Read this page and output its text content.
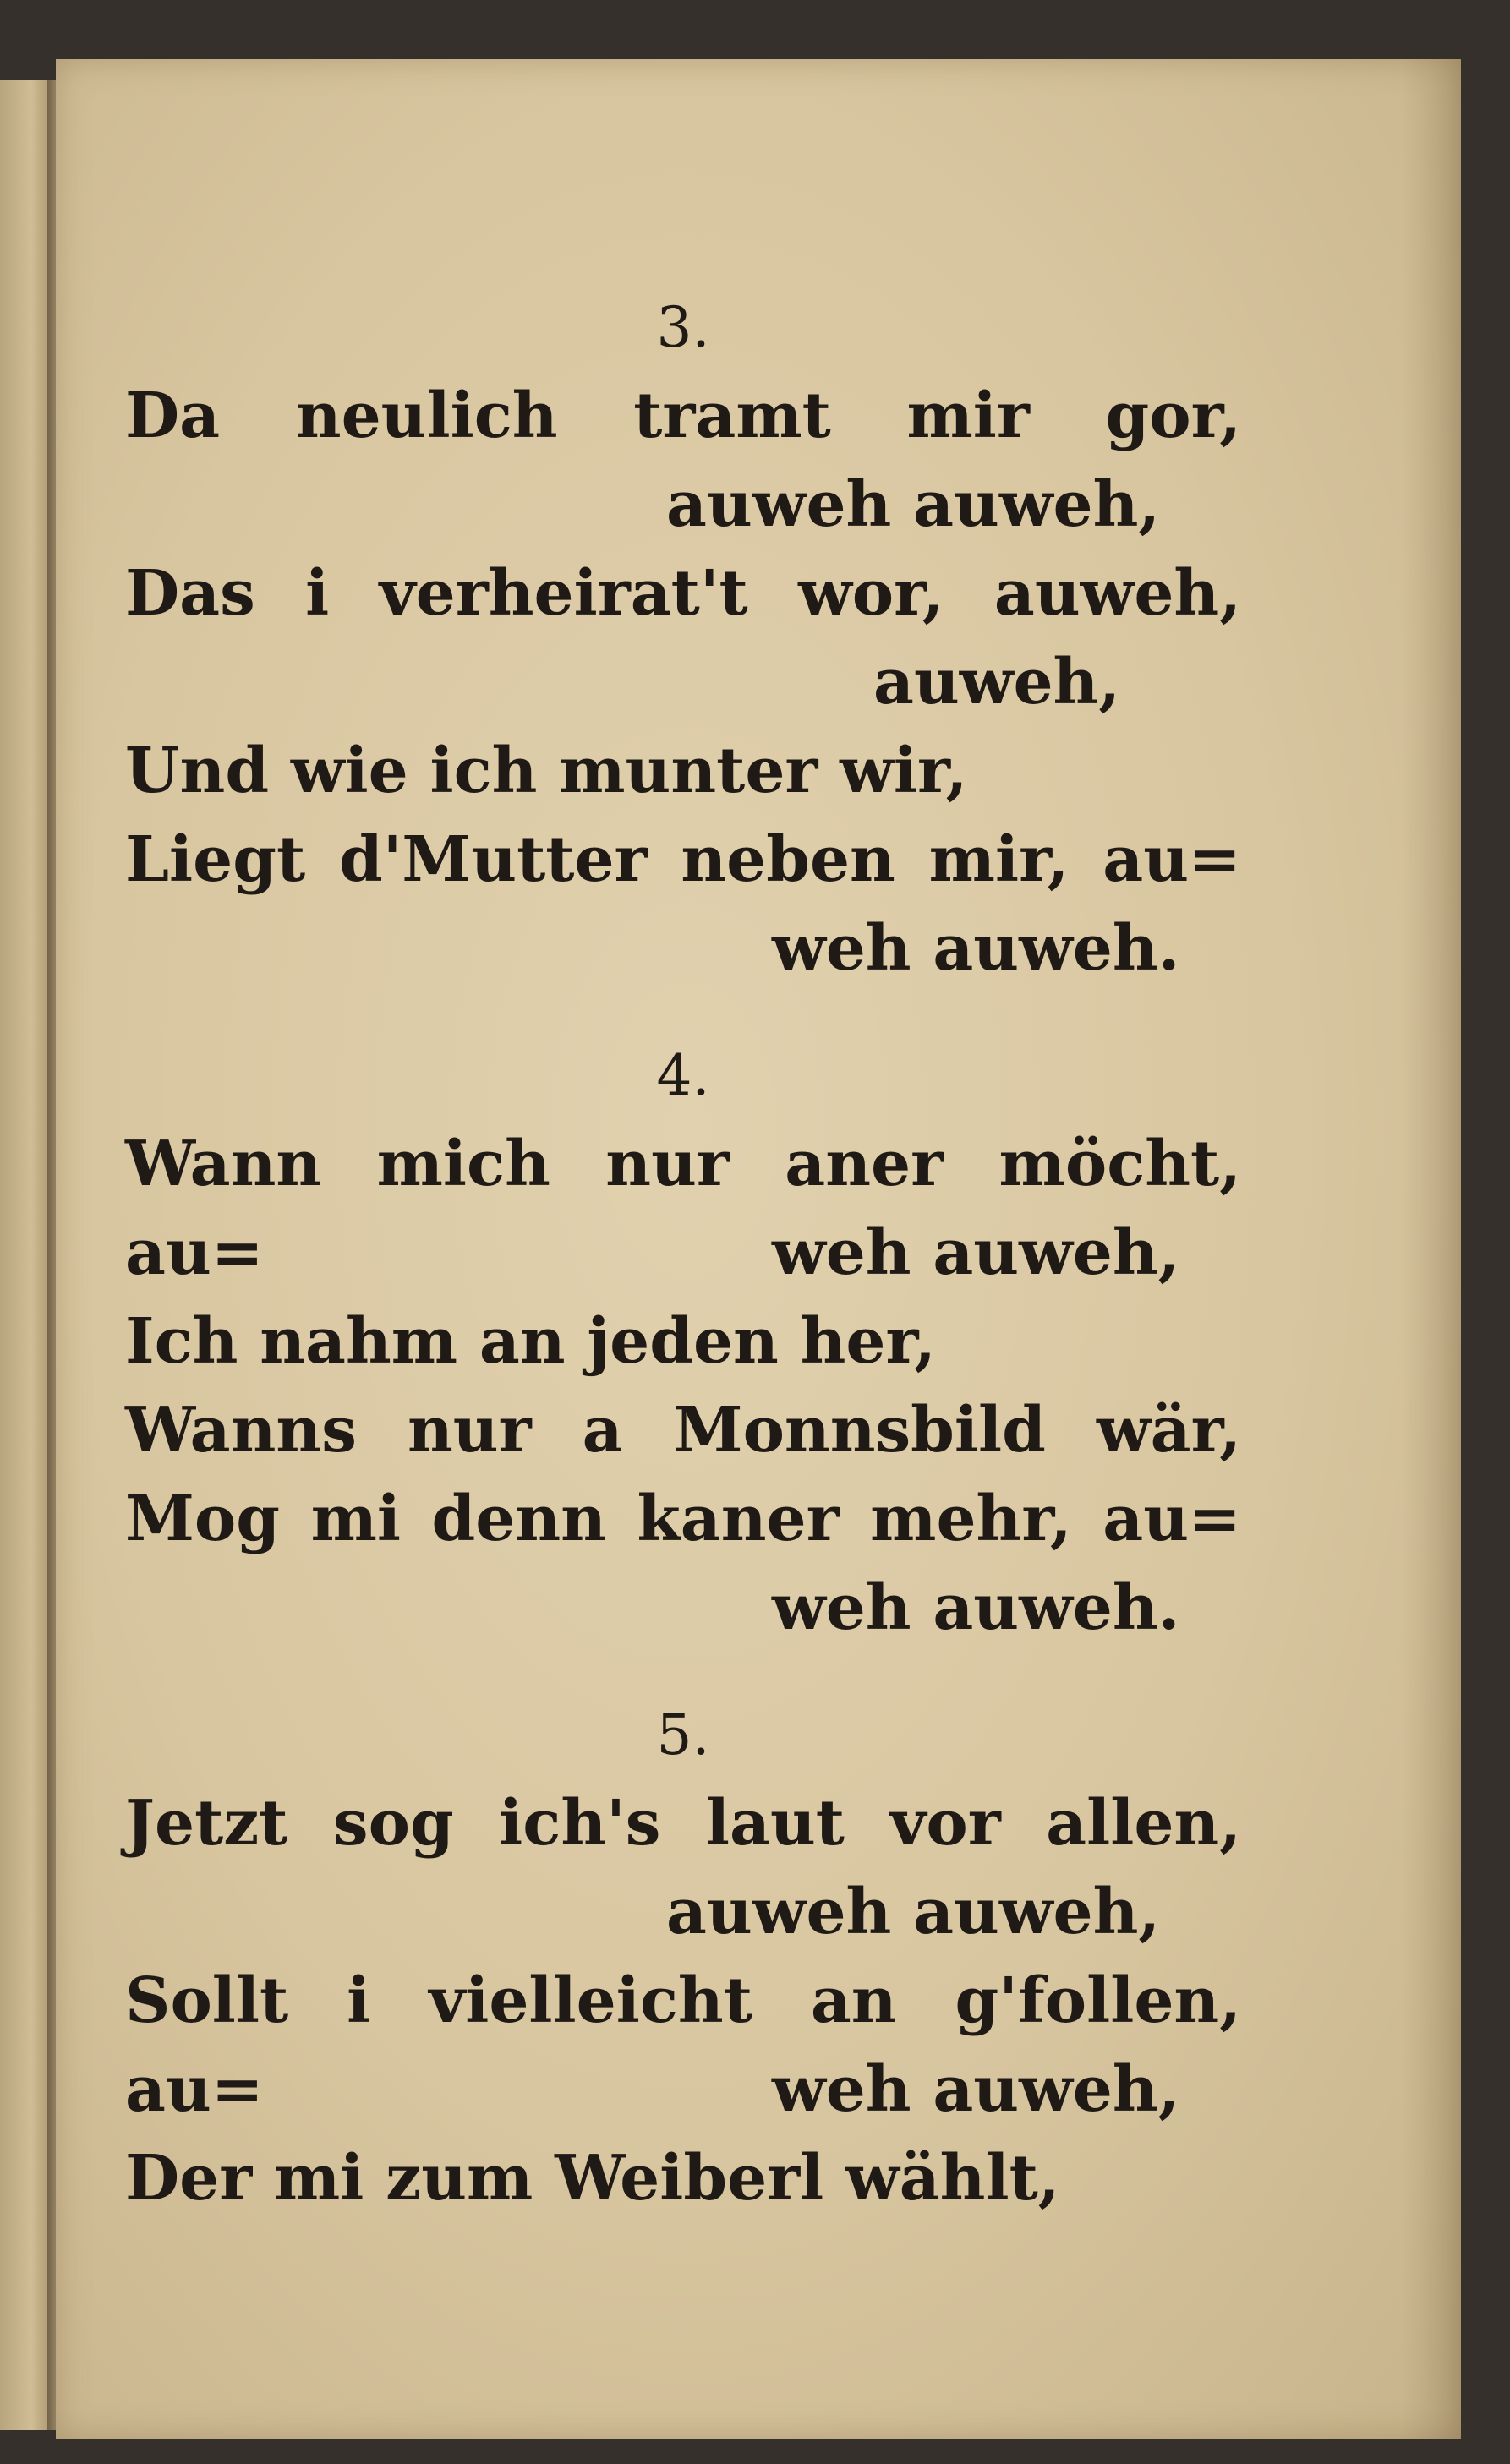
3.
Da neulich tramt mir gor,
auweh auweh,
Das i verheirat't wor, auweh,
auweh,
Und wie ich munter wir,
Liegt d'Mutter neben mir, au=
weh auweh.
4.
Wann mich nur aner möcht, au=	weh auweh,
Ich nahm an jeden her,
Wanns nur a Monnsbild wär,
Mog mi denn kaner mehr, au=
weh auweh.
5.
Jetzt sog ich's laut vor allen,
auweh auweh,
Sollt i vielleicht an g'follen, au=	weh auweh,
Der mi zum Weiberl wählt,
